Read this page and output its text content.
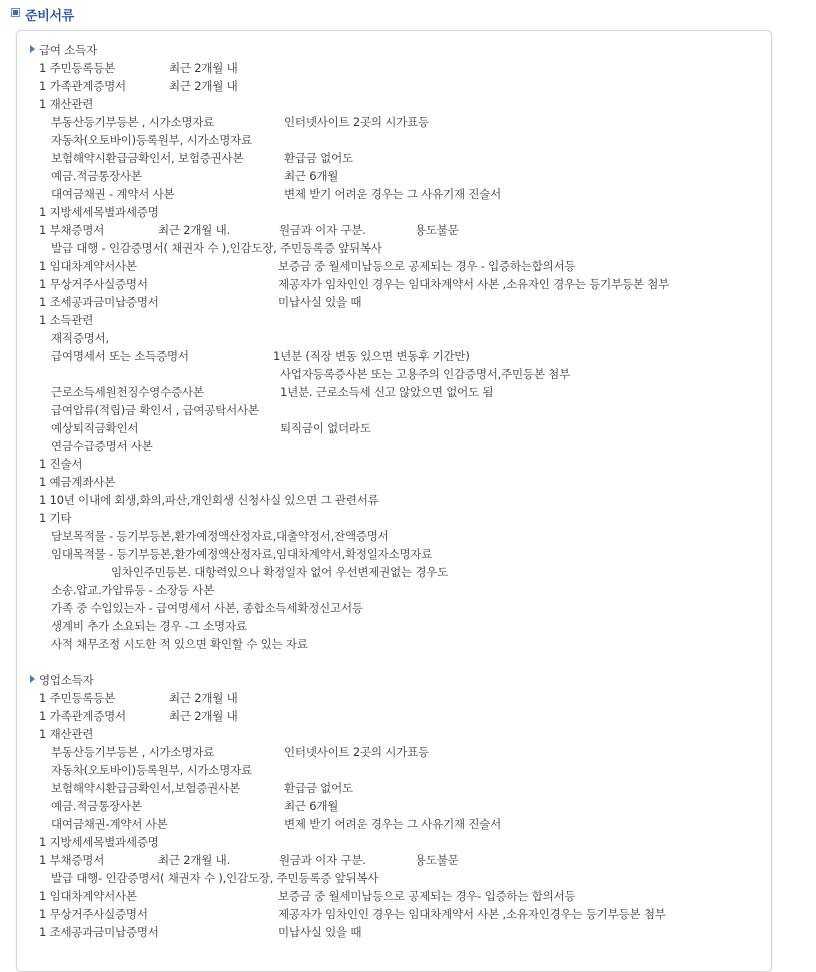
준비서류
급여 소득자
1 주민등록등본	최근 2개월 내
1 가족관계증명서	최근 2개월 내
1 재산관련
부동산등기부등본 , 시가소명자료	인터넷사이트 2곳의 시가표등
자동차(오토바이)등록원부, 시가소명자료
보험해약시환급금확인서, 보험증권사본	환급금 없어도
예금.적금통장사본	최근 6개월
대여금채권 - 계약서 사본	변제 받기 어려운 경우는 그 사유기재 진술서
1 지방세세목별과세증명
1 부채증명서	최근 2개월 내.	원금과 이자 구분.	용도불문
발급 대행 - 인감증명서( 채권자 수 ),인감도장, 주민등록증 앞뒤복사
1 임대차계약서사본	보증금 중 월세미납등으로 공제되는 경우 - 입증하는합의서등
1 무상거주사실증명서	제공자가 임차인인 경우는 임대차계약서 사본 ,소유자인 경우는 등기부등본 첨부
1 조세공과금미납증명서	미납사실 있을 때
1 소득관련
재직증명서,
급여명세서 또는 소득증명서	1년분 (직장 변동 있으면 변동후 기간만)
사업자등록증사본 또는 고용주의 인감증명서,주민등본 첨부
근로소득세원천징수영수증사본	1년분. 근로소득세 신고 않았으면 없어도 됨
급여압류(적립)금 확인서 , 급여공탁서사본
예상퇴직금확인서	퇴직금이 없더라도
연금수급증명서 사본
1 진술서
1 예금계좌사본
1 10년 이내에 회생,화의,파산,개인회생 신청사실 있으면 그 관련서류
1 기타
담보목적물 - 등기부등본,환가예정액산정자료,대출약정서,잔액증명서
임대목적물 - 등기부등본,환가예정액산정자료,임대차계약서,확정일자소명자료
임차인주민등본. 대항력있으나 확정일자 없어 우선변제권없는 경우도
소송.압교.가압류등 - 소장등 사본
가족 중 수입있는자 - 급여명세서 사본, 종합소득세확정신고서등
생계비 추가 소요되는 경우 -그 소명자료
사적 채무조정 시도한 적 있으면 확인할 수 있는 자료
영업소득자
1 주민등록등본	최근 2개월 내
1 가족관계증명서	최근 2개월 내
1 재산관련
부동산등기부등본 , 시가소명자료	인터넷사이트 2곳의 시가표등
자동차(오토바이)등록원부, 시가소명자료
보험해약시환급금확인서,보험증권사본	환급금 없어도
예금.적금통장사본	최근 6개월
대여금채권-계약서 사본	변제 받기 어려운 경우는 그 사유기재 진술서
1 지방세세목별과세증명
1 부채증명서	최근 2개월 내.	원금과 이자 구분.	용도불문
발급 대행- 인감증명서( 채권자 수 ),인감도장, 주민등록증 앞뒤복사
1 임대차계약서사본	보증금 중 월세미납등으로 공제되는 경우- 입증하는 합의서등
1 무상거주사실증명서	제공자가 임차인인 경우는 임대차계약서 사본 ,소유자인경우는 등기부등본 첨부
1 조세공과금미납증명서	미납사실 있을 때
